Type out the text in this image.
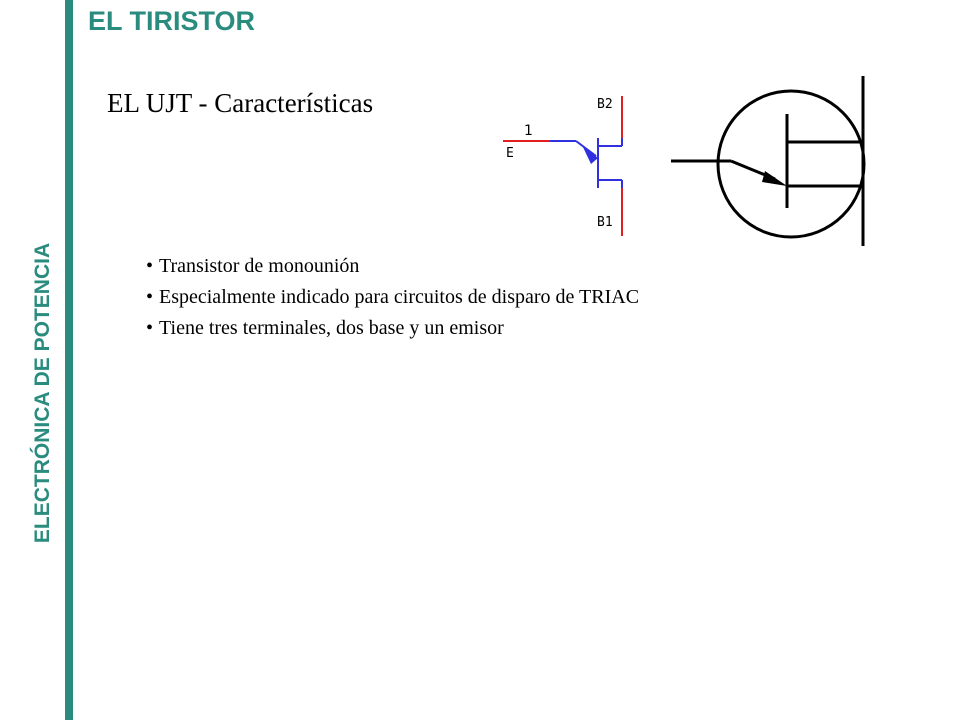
ELECTRÓNICA DE POTENCIA
EL TIRISTOR
EL UJT - Características	B2
B1
1
E
• Transistor de monounión
• Especialmente indicado para circuitos de disparo de TRIAC
• Tiene tres terminales, dos base y un emisor
